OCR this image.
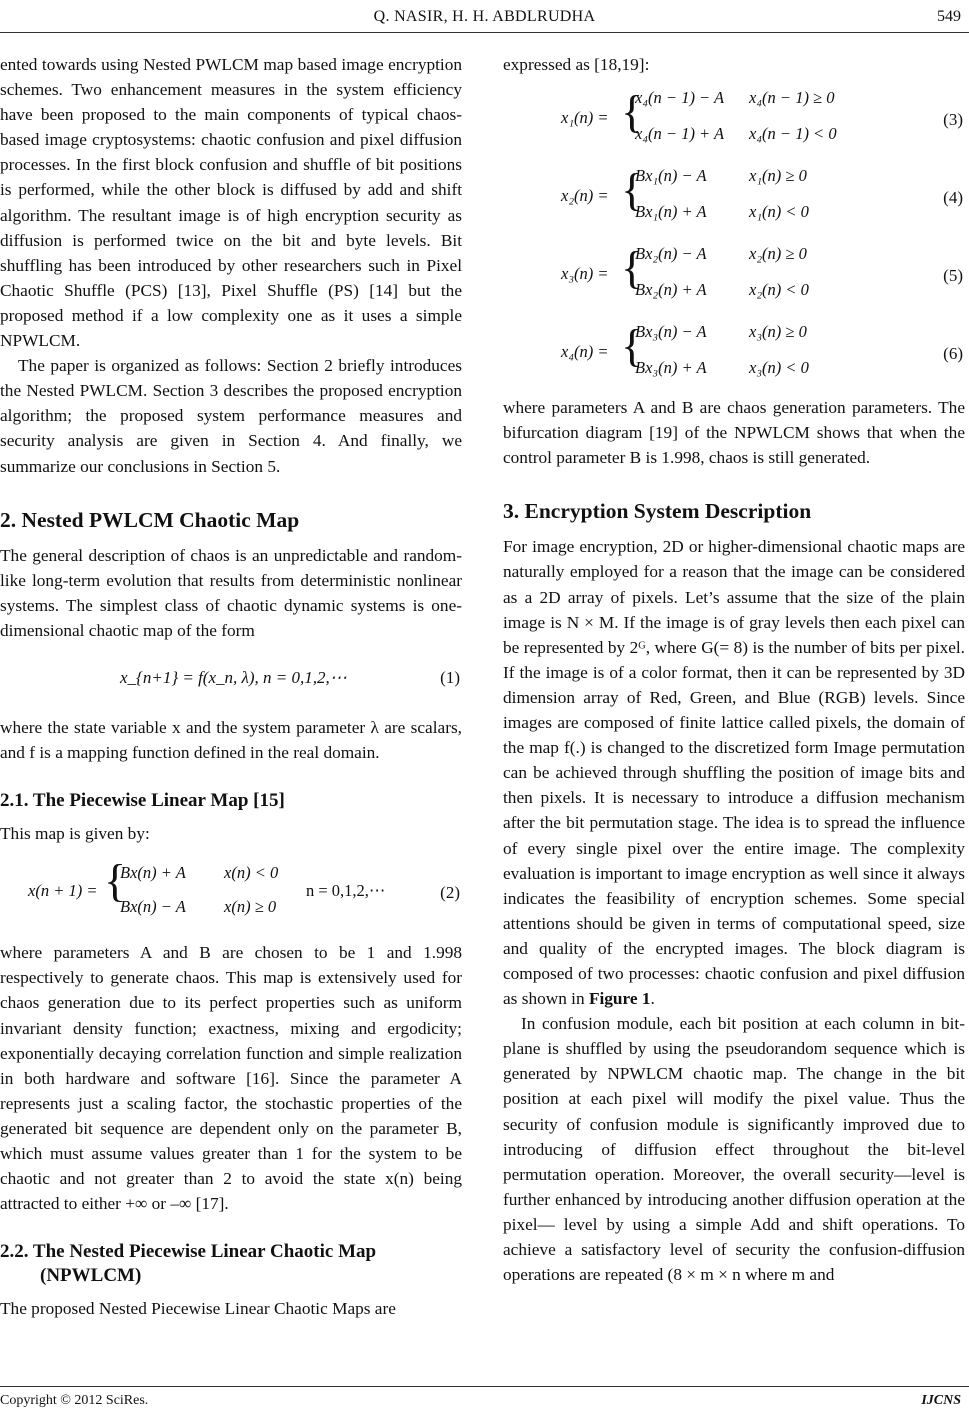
Q. NASIR, H. H. ABDLRUDHA	549

ented towards using Nested PWLCM map based image encryption schemes. Two enhancement measures in the system efficiency have been proposed to the main components of typical chaos-based image cryptosystems: chaotic confusion and pixel diffusion processes. In the first block confusion and shuffle of bit positions is performed, while the other block is diffused by add and shift algorithm. The resultant image is of high encryption security as diffusion is performed twice on the bit and byte levels. Bit shuffling has been introduced by other researchers such in Pixel Chaotic Shuffle (PCS) [13], Pixel Shuffle (PS) [14] but the proposed method if a low complexity one as it uses a simple NPWLCM.

The paper is organized as follows: Section 2 briefly introduces the Nested PWLCM. Section 3 describes the proposed encryption algorithm; the proposed system performance measures and security analysis are given in Section 4. And finally, we summarize our conclusions in Section 5.

2. Nested PWLCM Chaotic Map

The general description of chaos is an unpredictable and random-like long-term evolution that results from deterministic nonlinear systems. The simplest class of chaotic dynamic systems is one-dimensional chaotic map of the form

x_{n+1} = f(x_n, λ), n = 0,1,2,⋯	(1)

where the state variable x and the system parameter λ are scalars, and f is a mapping function defined in the real domain.

2.1. The Piecewise Linear Map [15]

This map is given by:

x(n + 1) = {
Bx(n) + A
Bx(n) − A
x(n) < 0
x(n) ≥ 0
n = 0,1,2,⋯	(2)

where parameters A and B are chosen to be 1 and 1.998 respectively to generate chaos. This map is extensively used for chaos generation due to its perfect properties such as uniform invariant density function; exactness, mixing and ergodicity; exponentially decaying correlation function and simple realization in both hardware and software [16]. Since the parameter A represents just a scaling factor, the stochastic properties of the generated bit sequence are dependent only on the parameter B, which must assume values greater than 1 for the system to be chaotic and not greater than 2 to avoid the state x(n) being attracted to either +∞ or –∞ [17].

2.2. The Nested Piecewise Linear Chaotic Map
(NPWLCM)

The proposed Nested Piecewise Linear Chaotic Maps are

expressed as [18,19]:

x₁(n) = {
x₄(n − 1) − A
x₄(n − 1) + A
x₄(n − 1) ≥ 0
x₄(n − 1) < 0
(3)
x₂(n) = {
Bx₁(n) − A
Bx₁(n) + A
x₁(n) ≥ 0
x₁(n) < 0
(4)
x₃(n) = {
Bx₂(n) − A
Bx₂(n) + A
x₂(n) ≥ 0
x₂(n) < 0
(5)
x₄(n) = {
Bx₃(n) − A
Bx₃(n) + A
x₃(n) ≥ 0
x₃(n) < 0
(6)

where parameters A and B are chaos generation parameters. The bifurcation diagram [19] of the NPWLCM shows that when the control parameter B is 1.998, chaos is still generated.

3. Encryption System Description

For image encryption, 2D or higher-dimensional chaotic maps are naturally employed for a reason that the image can be considered as a 2D array of pixels. Let’s assume that the size of the plain image is N × M. If the image is of gray levels then each pixel can be represented by 2ᴳ, where G(= 8) is the number of bits per pixel. If the image is of a color format, then it can be represented by 3D dimension array of Red, Green, and Blue (RGB) levels. Since images are composed of finite lattice called pixels, the domain of the map f(.) is changed to the discretized form Image permutation can be achieved through shuffling the position of image bits and then pixels. It is necessary to introduce a diffusion mechanism after the bit permutation stage. The idea is to spread the influence of every single pixel over the entire image. The complexity evaluation is important to image encryption as well since it always indicates the feasibility of encryption schemes. Some special attentions should be given in terms of computational speed, size and quality of the encrypted images. The block diagram is composed of two processes: chaotic confusion and pixel diffusion as shown in Figure 1.

In confusion module, each bit position at each column in bit-plane is shuffled by using the pseudorandom sequence which is generated by NPWLCM chaotic map. The change in the bit position at each pixel will modify the pixel value. Thus the security of confusion module is significantly improved due to introducing of diffusion effect throughout the bit-level permutation operation. Moreover, the overall security—level is further enhanced by introducing another diffusion operation at the pixel— level by using a simple Add and shift operations. To achieve a satisfactory level of security the confusion-diffusion operations are repeated (8 × m × n where m and

Copyright © 2012 SciRes.	IJCNS
